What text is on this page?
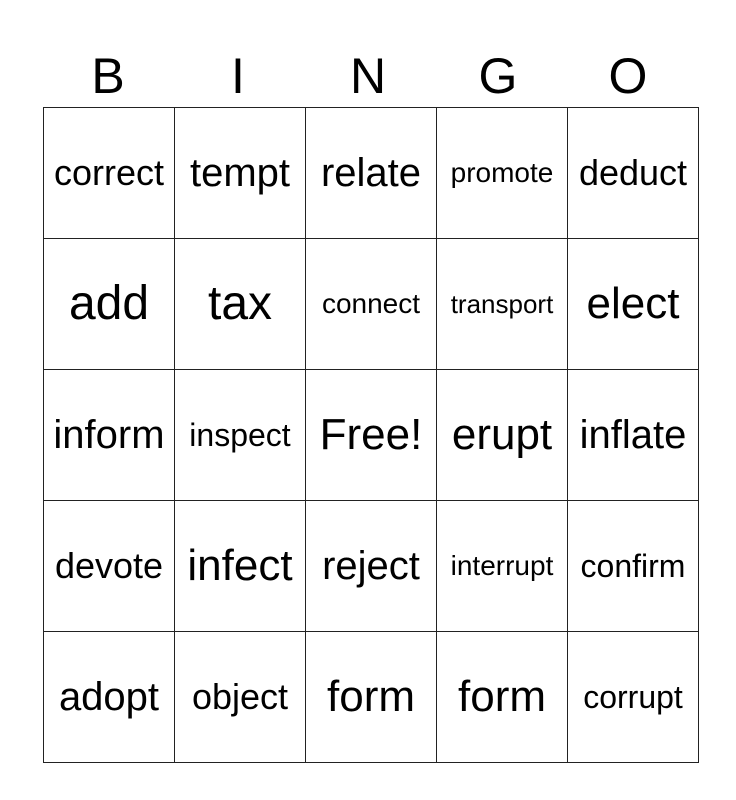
B	I	N	G	O
correct	tempt	relate	promote	deduct
add	tax	connect	transport	elect
inform	inspect	Free!	erupt	inflate
devote	infect	reject	interrupt	confirm
adopt	object	form	form	corrupt
